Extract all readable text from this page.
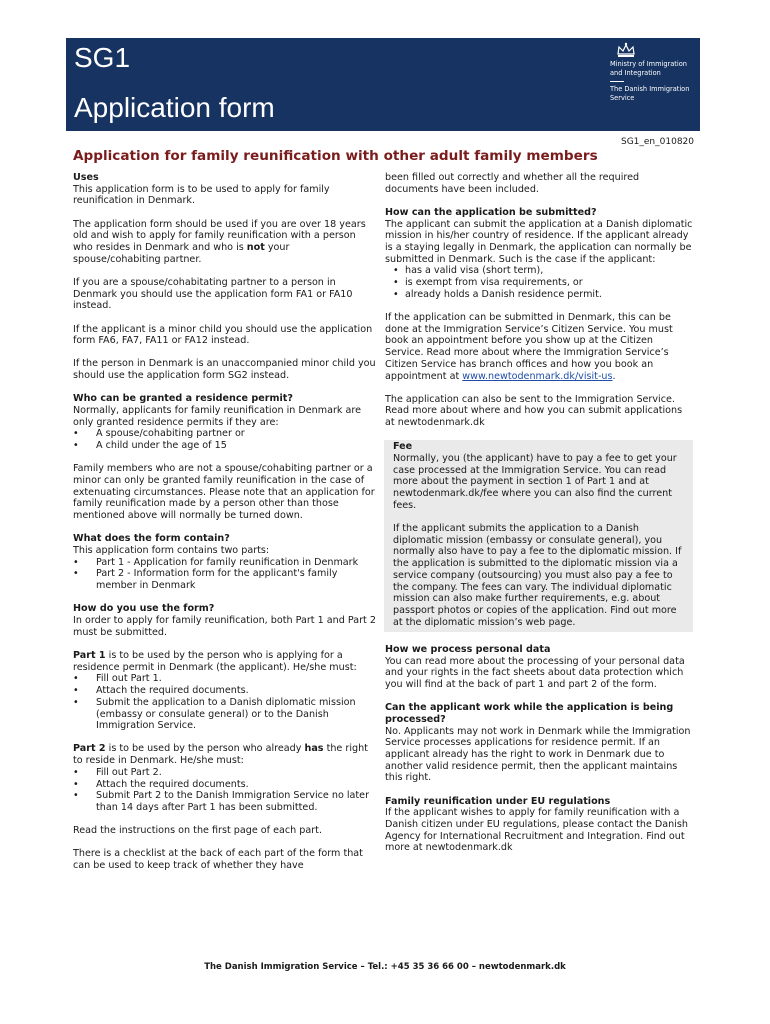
SG1
Application form
Ministry of Immigration and Integration
The Danish Immigration Service
SG1_en_010820
Application for family reunification with other adult family members
Uses

This application form is to be used to apply for family reunification in Denmark.

The application form should be used if you are over 18 years old and wish to apply for family reunification with a person who resides in Denmark and who is not your spouse/cohabiting partner.

If you are a spouse/cohabitating partner to a person in Denmark you should use the application form FA1 or FA10 instead.

If the applicant is a minor child you should use the application form FA6, FA7, FA11 or FA12 instead.

If the person in Denmark is an unaccompanied minor child you should use the application form SG2 instead.

Who can be granted a residence permit?
Normally, applicants for family reunification in Denmark are only granted residence permits if they are:
• A spouse/cohabiting partner or
• A child under the age of 15

Family members who are not a spouse/cohabiting partner or a minor can only be granted family reunification in the case of extenuating circumstances. Please note that an application for family reunification made by a person other than those mentioned above will normally be turned down.

What does the form contain?
This application form contains two parts:
• Part 1 - Application for family reunification in Denmark
• Part 2 - Information form for the applicant's family member in Denmark
How do you use the form?

In order to apply for family reunification, both Part 1 and Part 2 must be submitted.

Part 1 is to be used by the person who is applying for a residence permit in Denmark (the applicant). He/she must:
• Fill out Part 1.
• Attach the required documents.
• Submit the application to a Danish diplomatic mission (embassy or consulate general) or to the Danish Immigration Service.
Part 2 is to be used by the person who already has the right to reside in Denmark. He/she must:
• Fill out Part 2.
• Attach the required documents.
• Submit Part 2 to the Danish Immigration Service no later than 14 days after Part 1 has been submitted.

Read the instructions on the first page of each part.

There is a checklist at the back of each part of the form that can be used to keep track of whether they have

been filled out correctly and whether all the required documents have been included.

How can the application be submitted?
The applicant can submit the application at a Danish diplomatic mission in his/her country of residence. If the applicant already is a staying legally in Denmark, the application can normally be submitted in Denmark. Such is the case if the applicant:
• has a valid visa (short term),
• is exempt from visa requirements, or
• already holds a Danish residence permit.

If the application can be submitted in Denmark, this can be done at the Immigration Service’s Citizen Service. You must book an appointment before you show up at the Citizen Service. Read more about where the Immigration Service’s Citizen Service has branch offices and how you book an appointment at www.newtodenmark.dk/visit-us.

The application can also be sent to the Immigration Service. Read more about where and how you can submit applications at newtodenmark.dk

Fee

Normally, you (the applicant) have to pay a fee to get your case processed at the Immigration Service. You can read more about the payment in section 1 of Part 1 and at newtodenmark.dk/fee where you can also find the current fees.

If the applicant submits the application to a Danish diplomatic mission (embassy or consulate general), you normally also have to pay a fee to the diplomatic mission. If the application is submitted to the diplomatic mission via a service company (outsourcing) you must also pay a fee to the company. The fees can vary. The individual diplomatic mission can also make further requirements, e.g. about passport photos or copies of the application. Find out more at the diplomatic mission’s web page.

How we process personal data

You can read more about the processing of your personal data and your rights in the fact sheets about data protection which you will find at the back of part 1 and part 2 of the form.

Can the applicant work while the application is being processed?

No. Applicants may not work in Denmark while the Immigration Service processes applications for residence permit. If an applicant already has the right to work in Denmark due to another valid residence permit, then the applicant maintains this right.

Family reunification under EU regulations

If the applicant wishes to apply for family reunification with a Danish citizen under EU regulations, please contact the Danish Agency for International Recruitment and Integration. Find out more at newtodenmark.dk

The Danish Immigration Service – Tel.: +45 35 36 66 00 – newtodenmark.dk
